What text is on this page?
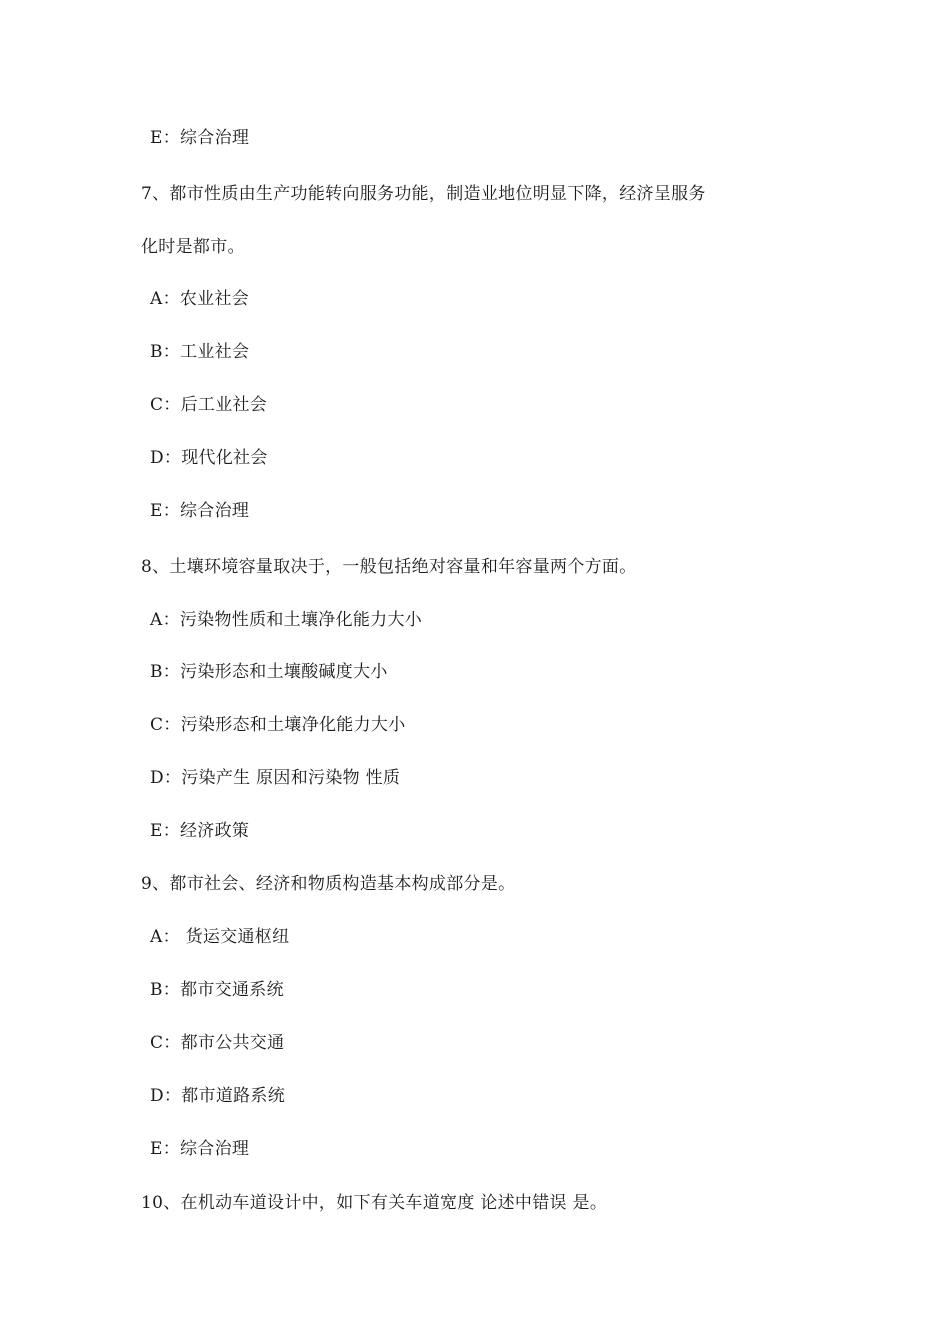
E：综合治理
7、都市性质由生产功能转向服务功能，制造业地位明显下降，经济呈服务
化时是都市。
A：农业社会
B：工业社会
C：后工业社会
D：现代化社会
E：综合治理
8、土壤环境容量取决于，一般包括绝对容量和年容量两个方面。
A：污染物性质和土壤净化能力大小
B：污染形态和土壤酸碱度大小
C：污染形态和土壤净化能力大小
D：污染产生 原因和污染物 性质
E：经济政策
9、都市社会、经济和物质构造基本构成部分是。
A： 货运交通枢纽
B：都市交通系统
C：都市公共交通
D：都市道路系统
E：综合治理
10、在机动车道设计中，如下有关车道宽度 论述中错误 是。
